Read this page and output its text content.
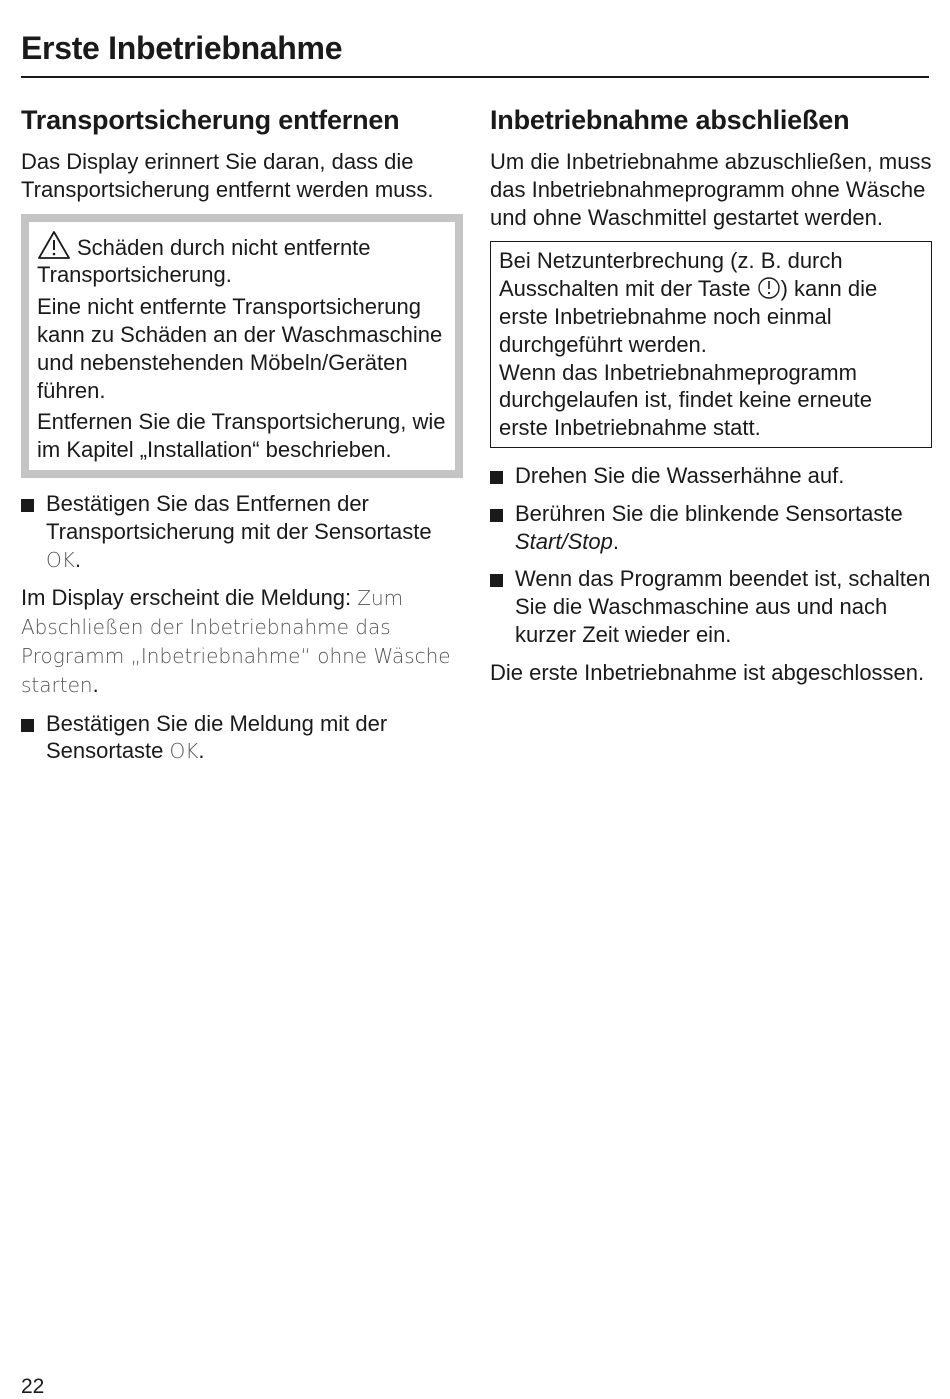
Erste Inbetriebnahme
Transportsicherung entfernen

Das Display erinnert Sie daran, dass die Transportsicherung entfernt werden muss.

Schäden durch nicht entfernte Transportsicherung.

Eine nicht entfernte Transportsicherung kann zu Schäden an der Waschmaschine und nebenstehenden Möbeln/Geräten führen.

Entfernen Sie die Transportsicherung, wie im Kapitel „Installation“ beschrieben.

Bestätigen Sie das Entfernen der Transportsicherung mit der Sensortaste OK.

Im Display erscheint die Meldung: Zum Abschließen der Inbetriebnahme das Programm „Inbetriebnahme“ ohne Wäsche starten.

Bestätigen Sie die Meldung mit der Sensortaste OK.

Inbetriebnahme abschließen

Um die Inbetriebnahme abzuschließen, muss das Inbetriebnahmeprogramm ohne Wäsche und ohne Waschmittel gestartet werden.

Bei Netzunterbrechung (z. B. durch Ausschalten mit der Taste ) kann die erste Inbetriebnahme noch einmal durchgeführt werden.

Wenn das Inbetriebnahmeprogramm durchgelaufen ist, findet keine erneute erste Inbetriebnahme statt.

Drehen Sie die Wasserhähne auf.

Berühren Sie die blinkende Sensortaste Start/Stop.

Wenn das Programm beendet ist, schalten Sie die Waschmaschine aus und nach kurzer Zeit wieder ein.

Die erste Inbetriebnahme ist abgeschlossen.

22
